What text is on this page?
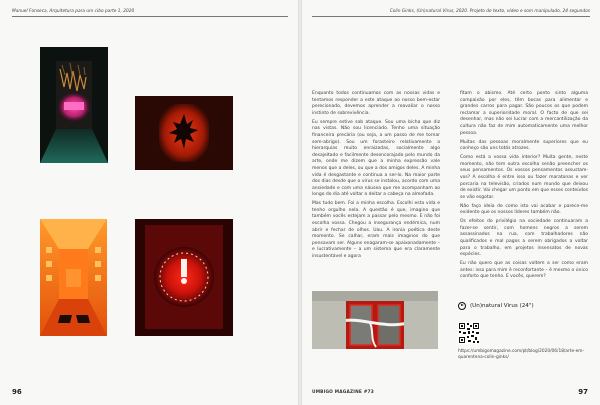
Manuel Fonseca, Arquitetura para um cibo parte 1, 2020
96
Colin Ginks, (Un)natural Virus, 2020. Projeto de texto, vídeo e som manipulado, 24 segundos

Enquanto todos continuamos com as nossas vidas e tentamos responder a este ataque ao nosso bem-estar perecionado, devemos aprender a reavaliar o nosso instinto de sobrevivência.

Eu sempre estive sob ataque. Sou uma bicha que diz nas vistas. Não sou licenciado. Tenho uma situação financeira precária (ou seja, a um passo de me tornar sem-abrigo). Sou um forasteiro relativamente a hierarquias muito enraizadas, socialmente algo desajeitado e facilmente desencorajado pelo mundo da arte, onde me dizem que a minha expressão vale menos que a deles, ou que a dos amigos deles. A minha vida é desgastante e continua a ser-lo. Na maior parte dos dias desde que o vírus se instalou, acordo com uma ansiedade e com uma náusea que me acompanham ao longo do dia até voltar a deitar a cabeça na almofada.

Mas tudo bem. Foi a minha escolha. Escolhi esta vida e tenho orgulho nela. A questão é que, imagino que também vocês estejam a passar pelo mesmo. E não foi escolha vossa. Chegou a insegurança endémica, num abrir e fechar de olhos. Uau. A ironia poética deste momento. Se calhar, eram mais imaginos do que pensavam ser. Alguns enagaram-se apaixonadamente – e lucrativamente – a um sistema que era claramente insustentável e agora

fitam o abismo. Até certo ponto sinto alguma compaixão por eles, têm bocas para alimentar e grandes carros para pagar. São poucos os que podem reclamar a superioridade moral. O facto de que sei desenhar, mas não sei lucrar com a mercantilização da cultura não faz de mim automaticamente uma melhor pessoa.

Muitas das pessoas moralmente superiores que eu conheço são uns totós atrozes.

Como está a vossa vida interior? Muita gente, neste momento, não tem outra escolha senão preencher os seus pensamentos. Os vossos pensamentos assustam-vos? A escolha é entre isso ou fazer maratonas e ver porcaria na televisão, criados num mundo que deixou de existir. Vai chegar um ponto em que esses conteúdos se vão esgotar.

Não faço ideia de como isto vai acabar e parece-me evidente que os nossos líderes também não.

Os efeitos do privilégio na sociedade continuaram a fazer-se sentir, com homens negros a serem assassinados na rua, com trabalhadores não qualificados e mal pagos a serem obrigados a voltar para o trabalho, em projetos insensatos de novas espécies.

Eu não quero que as coisas voltem a ser como eram antes: isso para mim é reconfortante – é mesmo o único conforto que tenho. E vocês, querem?

(Un)natural Virus (24")
https://umbigomagazine.com/pt/blog/2020/06/18/arte-em-quarentena-colin-ginks/
UMBIGO MAGAZINE #73	97
